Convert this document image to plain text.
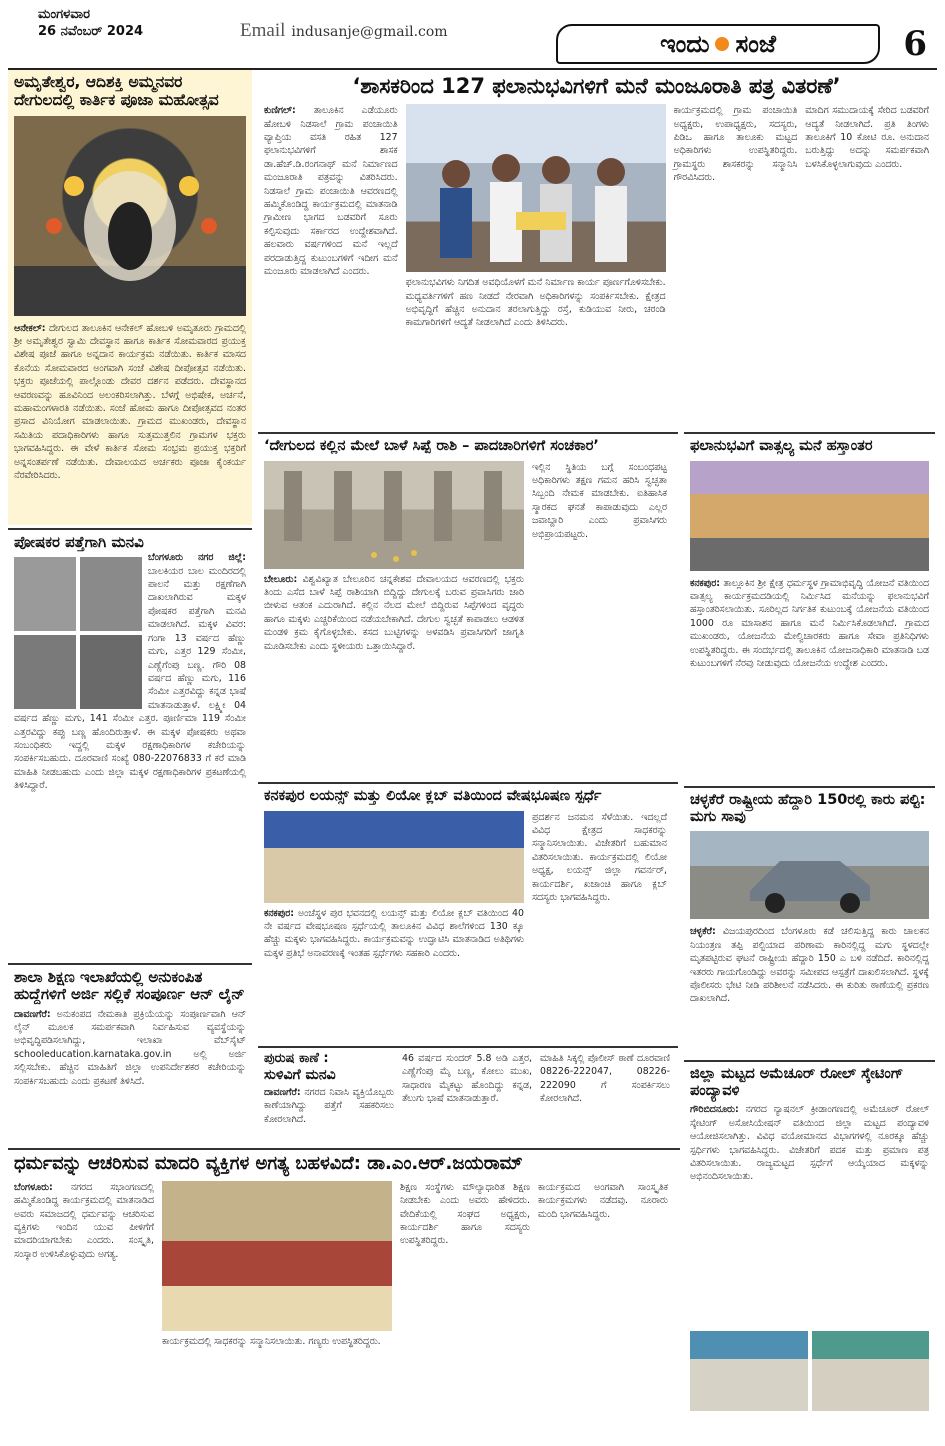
ಮಂಗಳವಾರ
26 ನವೆಂಬರ್ 2024	Email indusanje@gmail.com	ಇಂದು ಸಂಜೆ	6
ಅಮೃತೇಶ್ವರ, ಆದಿಶಕ್ತಿ ಅಮ್ಮನವರ ದೇಗುಲದಲ್ಲಿ ಕಾರ್ತಿಕ ಪೂಜಾ ಮಹೋತ್ಸವ
ಆನೇಕಲ್: ದೇಗುಲದ ತಾಲೂಕಿನ ಆನೇಕಲ್ ಹೋಬಳಿ ಅಮೃತೂರು ಗ್ರಾಮದಲ್ಲಿ ಶ್ರೀ ಅಮೃತೇಶ್ವರ ಸ್ವಾಮಿ ದೇವಸ್ಥಾನ ಹಾಗೂ ಕಾರ್ತಿಕ ಸೋಮವಾರದ ಪ್ರಯುಕ್ತ ವಿಶೇಷ ಪೂಜೆ ಹಾಗೂ ಅನ್ನದಾನ ಕಾರ್ಯಕ್ರಮ ನಡೆಯಿತು. ಕಾರ್ತಿಕ ಮಾಸದ ಕೊನೆಯ ಸೋಮವಾರದ ಅಂಗವಾಗಿ ಸಂಜೆ ವಿಶೇಷ ದೀಪೋತ್ಸವ ನಡೆಯಿತು. ಭಕ್ತರು ಪೂಜೆಯಲ್ಲಿ ಪಾಲ್ಗೊಂಡು ದೇವರ ದರ್ಶನ ಪಡೆದರು. ದೇವಸ್ಥಾನದ ಆವರಣವನ್ನು ಹೂವಿನಿಂದ ಅಲಂಕರಿಸಲಾಗಿತ್ತು. ಬೆಳಗ್ಗೆ ಅಭಿಷೇಕ, ಅರ್ಚನೆ, ಮಹಾಮಂಗಳಾರತಿ ನಡೆಯಿತು. ಸಂಜೆ ಹೋಮ ಹಾಗೂ ದೀಪೋತ್ಸವದ ನಂತರ ಪ್ರಸಾದ ವಿನಿಯೋಗ ಮಾಡಲಾಯಿತು. ಗ್ರಾಮದ ಮುಖಂಡರು, ದೇವಸ್ಥಾನ ಸಮಿತಿಯ ಪದಾಧಿಕಾರಿಗಳು ಹಾಗೂ ಸುತ್ತಮುತ್ತಲಿನ ಗ್ರಾಮಗಳ ಭಕ್ತರು ಭಾಗವಹಿಸಿದ್ದರು. ಈ ವೇಳೆ ಕಾರ್ತಿಕ ಸೋಮ ಸಂಭ್ರಮ ಪ್ರಯುಕ್ತ ಭಕ್ತರಿಗೆ ಅನ್ನಸಂತರ್ಪಣೆ ನಡೆಯಿತು. ದೇವಾಲಯದ ಅರ್ಚಕರು ಪೂಜಾ ಕೈಂಕರ್ಯ ನೆರವೇರಿಸಿದರು.
ಪೋಷಕರ ಪತ್ತೆಗಾಗಿ ಮನವಿ
ಬೆಂಗಳೂರು ನಗರ ಜಿಲ್ಲೆ: ಬಾಲಕಿಯರ ಬಾಲ ಮಂದಿರದಲ್ಲಿ ಪಾಲನೆ ಮತ್ತು ರಕ್ಷಣೆಗಾಗಿ ದಾಖಲಾಗಿರುವ ಮಕ್ಕಳ ಪೋಷಕರ ಪತ್ತೆಗಾಗಿ ಮನವಿ ಮಾಡಲಾಗಿದೆ. ಮಕ್ಕಳ ವಿವರ: ಗಂಗಾ 13 ವರ್ಷದ ಹೆಣ್ಣು ಮಗು, ಎತ್ತರ 129 ಸೆಂಮೀ, ಎಣ್ಣೆಗೆಂಪು ಬಣ್ಣ. ಗೌರಿ 08 ವರ್ಷದ ಹೆಣ್ಣು ಮಗು, 116 ಸೆಂಮೀ ಎತ್ತರವಿದ್ದು ಕನ್ನಡ ಭಾಷೆ ಮಾತನಾಡುತ್ತಾಳೆ. ಲಕ್ಷ್ಮೀ 04 ವರ್ಷದ ಹೆಣ್ಣು ಮಗು, 141 ಸೆಂಮೀ ಎತ್ತರ. ಪೂರ್ಣಿಮಾ 119 ಸೆಂಮೀ ಎತ್ತರವಿದ್ದು ಕಪ್ಪು ಬಣ್ಣ ಹೊಂದಿರುತ್ತಾಳೆ. ಈ ಮಕ್ಕಳ ಪೋಷಕರು ಅಥವಾ ಸಂಬಂಧಿಕರು ಇದ್ದಲ್ಲಿ ಮಕ್ಕಳ ರಕ್ಷಣಾಧಿಕಾರಿಗಳ ಕಚೇರಿಯನ್ನು ಸಂಪರ್ಕಿಸಬಹುದು. ದೂರವಾಣಿ ಸಂಖ್ಯೆ 080-22076833 ಗೆ ಕರೆ ಮಾಡಿ ಮಾಹಿತಿ ನೀಡಬಹುದು ಎಂದು ಜಿಲ್ಲಾ ಮಕ್ಕಳ ರಕ್ಷಣಾಧಿಕಾರಿಗಳ ಪ್ರಕಟಣೆಯಲ್ಲಿ ತಿಳಿಸಿದ್ದಾರೆ.
ಶಾಲಾ ಶಿಕ್ಷಣ ಇಲಾಖೆಯಲ್ಲಿ ಅನುಕಂಪಿತ ಹುದ್ದೆಗಳಿಗೆ ಅರ್ಜಿ ಸಲ್ಲಿಕೆ ಸಂಪೂರ್ಣ ಆನ್ ಲೈನ್
ದಾವಣಗೆರೆ: ಅನುಕಂಪದ ನೇಮಕಾತಿ ಪ್ರಕ್ರಿಯೆಯನ್ನು ಸಂಪೂರ್ಣವಾಗಿ ಆನ್ ಲೈನ್ ಮೂಲಕ ಸಮರ್ಪಕವಾಗಿ ನಿರ್ವಹಿಸುವ ವ್ಯವಸ್ಥೆಯನ್ನು ಅಭಿವೃದ್ಧಿಪಡಿಸಲಾಗಿದ್ದು, ಇಲಾಖಾ ವೆಬ್‌ಸೈಟ್ schooleducation.karnataka.gov.in ಅಲ್ಲಿ ಅರ್ಜಿ ಸಲ್ಲಿಸಬೇಕು. ಹೆಚ್ಚಿನ ಮಾಹಿತಿಗೆ ಜಿಲ್ಲಾ ಉಪನಿರ್ದೇಶಕರ ಕಚೇರಿಯನ್ನು ಸಂಪರ್ಕಿಸಬಹುದು ಎಂದು ಪ್ರಕಟಣೆ ತಿಳಿಸಿದೆ.
‘ಶಾಸಕರಿಂದ 127 ಫಲಾನುಭವಿಗಳಿಗೆ ಮನೆ ಮಂಜೂರಾತಿ ಪತ್ರ ವಿತರಣೆ’
ಕುಣಿಗಲ್: ತಾಲೂಕಿನ ಎಡೆಯೂರು ಹೋಬಳಿ ನಿಡಸಾಲೆ ಗ್ರಾಮ ಪಂಚಾಯಿತಿ ವ್ಯಾಪ್ತಿಯ ವಸತಿ ರಹಿತ 127 ಫಲಾನುಭವಿಗಳಿಗೆ ಶಾಸಕ ಡಾ.ಹೆಚ್.ಡಿ.ರಂಗನಾಥ್ ಮನೆ ನಿರ್ಮಾಣದ ಮಂಜೂರಾತಿ ಪತ್ರವನ್ನು ವಿತರಿಸಿದರು. ನಿಡಸಾಲೆ ಗ್ರಾಮ ಪಂಚಾಯಿತಿ ಆವರಣದಲ್ಲಿ ಹಮ್ಮಿಕೊಂಡಿದ್ದ ಕಾರ್ಯಕ್ರಮದಲ್ಲಿ ಮಾತನಾಡಿ ಗ್ರಾಮೀಣ ಭಾಗದ ಬಡವರಿಗೆ ಸೂರು ಕಲ್ಪಿಸುವುದು ಸರ್ಕಾರದ ಉದ್ದೇಶವಾಗಿದೆ. ಹಲವಾರು ವರ್ಷಗಳಿಂದ ಮನೆ ಇಲ್ಲದೆ ಪರದಾಡುತ್ತಿದ್ದ ಕುಟುಂಬಗಳಿಗೆ ಇದೀಗ ಮನೆ ಮಂಜೂರು ಮಾಡಲಾಗಿದೆ ಎಂದರು.
ಫಲಾನುಭವಿಗಳು ನಿಗದಿತ ಅವಧಿಯೊಳಗೆ ಮನೆ ನಿರ್ಮಾಣ ಕಾರ್ಯ ಪೂರ್ಣಗೊಳಿಸಬೇಕು. ಮಧ್ಯವರ್ತಿಗಳಿಗೆ ಹಣ ನೀಡದೆ ನೇರವಾಗಿ ಅಧಿಕಾರಿಗಳನ್ನು ಸಂಪರ್ಕಿಸಬೇಕು. ಕ್ಷೇತ್ರದ ಅಭಿವೃದ್ಧಿಗೆ ಹೆಚ್ಚಿನ ಅನುದಾನ ತರಲಾಗುತ್ತಿದ್ದು ರಸ್ತೆ, ಕುಡಿಯುವ ನೀರು, ಚರಂಡಿ ಕಾಮಗಾರಿಗಳಿಗೆ ಆದ್ಯತೆ ನೀಡಲಾಗಿದೆ ಎಂದು ತಿಳಿಸಿದರು.
ಕಾರ್ಯಕ್ರಮದಲ್ಲಿ ಗ್ರಾಮ ಪಂಚಾಯಿತಿ ಅಧ್ಯಕ್ಷರು, ಉಪಾಧ್ಯಕ್ಷರು, ಸದಸ್ಯರು, ಪಿಡಿಒ ಹಾಗೂ ತಾಲೂಕು ಮಟ್ಟದ ಅಧಿಕಾರಿಗಳು ಉಪಸ್ಥಿತರಿದ್ದರು. ಗ್ರಾಮಸ್ಥರು ಶಾಸಕರನ್ನು ಸನ್ಮಾನಿಸಿ ಗೌರವಿಸಿದರು.
ಮಾದಿಗ ಸಮುದಾಯಕ್ಕೆ ಸೇರಿದ ಬಡವರಿಗೆ ಆದ್ಯತೆ ನೀಡಲಾಗಿದೆ. ಪ್ರತಿ ತಿಂಗಳು ತಾಲೂಕಿಗೆ 10 ಕೋಟಿ ರೂ. ಅನುದಾನ ಬರುತ್ತಿದ್ದು ಅದನ್ನು ಸಮರ್ಪಕವಾಗಿ ಬಳಸಿಕೊಳ್ಳಲಾಗುವುದು ಎಂದರು.
‘ದೇಗುಲದ ಕಲ್ಲಿನ ಮೇಲೆ ಬಾಳೆ ಸಿಪ್ಪೆ ರಾಶಿ – ಪಾದಚಾರಿಗಳಿಗೆ ಸಂಚಕಾರ’
ಬೇಲೂರು: ವಿಶ್ವವಿಖ್ಯಾತ ಬೇಲೂರಿನ ಚನ್ನಕೇಶವ ದೇವಾಲಯದ ಆವರಣದಲ್ಲಿ ಭಕ್ತರು ತಿಂದು ಎಸೆದ ಬಾಳೆ ಸಿಪ್ಪೆ ರಾಶಿಯಾಗಿ ಬಿದ್ದಿದ್ದು ದೇಗುಲಕ್ಕೆ ಬರುವ ಪ್ರವಾಸಿಗರು ಜಾರಿ ಬೀಳುವ ಆತಂಕ ಎದುರಾಗಿದೆ. ಕಲ್ಲಿನ ನೆಲದ ಮೇಲೆ ಬಿದ್ದಿರುವ ಸಿಪ್ಪೆಗಳಿಂದ ವೃದ್ಧರು ಹಾಗೂ ಮಕ್ಕಳು ಎಚ್ಚರಿಕೆಯಿಂದ ನಡೆಯಬೇಕಾಗಿದೆ. ದೇಗುಲ ಸ್ವಚ್ಛತೆ ಕಾಪಾಡಲು ಆಡಳಿತ ಮಂಡಳಿ ಕ್ರಮ ಕೈಗೊಳ್ಳಬೇಕು. ಕಸದ ಬುಟ್ಟಿಗಳನ್ನು ಅಳವಡಿಸಿ ಪ್ರವಾಸಿಗರಿಗೆ ಜಾಗೃತಿ ಮೂಡಿಸಬೇಕು ಎಂದು ಸ್ಥಳೀಯರು ಒತ್ತಾಯಿಸಿದ್ದಾರೆ.
ಇಲ್ಲಿನ ಸ್ಥಿತಿಯ ಬಗ್ಗೆ ಸಂಬಂಧಪಟ್ಟ ಅಧಿಕಾರಿಗಳು ತಕ್ಷಣ ಗಮನ ಹರಿಸಿ ಸ್ವಚ್ಛತಾ ಸಿಬ್ಬಂದಿ ನೇಮಕ ಮಾಡಬೇಕು. ಐತಿಹಾಸಿಕ ಸ್ಮಾರಕದ ಘನತೆ ಕಾಪಾಡುವುದು ಎಲ್ಲರ ಜವಾಬ್ದಾರಿ ಎಂದು ಪ್ರವಾಸಿಗರು ಅಭಿಪ್ರಾಯಪಟ್ಟರು.
ಫಲಾನುಭವಿಗೆ ವಾತ್ಸಲ್ಯ ಮನೆ ಹಸ್ತಾಂತರ
ಕನಕಪುರ: ತಾಲ್ಲೂಕಿನ ಶ್ರೀ ಕ್ಷೇತ್ರ ಧರ್ಮಸ್ಥಳ ಗ್ರಾಮಾಭಿವೃದ್ಧಿ ಯೋಜನೆ ವತಿಯಿಂದ ವಾತ್ಸಲ್ಯ ಕಾರ್ಯಕ್ರಮದಡಿಯಲ್ಲಿ ನಿರ್ಮಿಸಿದ ಮನೆಯನ್ನು ಫಲಾನುಭವಿಗೆ ಹಸ್ತಾಂತರಿಸಲಾಯಿತು. ಸೂರಿಲ್ಲದ ನಿರ್ಗತಿಕ ಕುಟುಂಬಕ್ಕೆ ಯೋಜನೆಯ ವತಿಯಿಂದ 1000 ರೂ ಮಾಸಾಶನ ಹಾಗೂ ಮನೆ ನಿರ್ಮಿಸಿಕೊಡಲಾಗಿದೆ. ಗ್ರಾಮದ ಮುಖಂಡರು, ಯೋಜನೆಯ ಮೇಲ್ವಿಚಾರಕರು ಹಾಗೂ ಸೇವಾ ಪ್ರತಿನಿಧಿಗಳು ಉಪಸ್ಥಿತರಿದ್ದರು. ಈ ಸಂದರ್ಭದಲ್ಲಿ ತಾಲೂಕಿನ ಯೋಜನಾಧಿಕಾರಿ ಮಾತನಾಡಿ ಬಡ ಕುಟುಂಬಗಳಿಗೆ ನೆರವು ನೀಡುವುದು ಯೋಜನೆಯ ಉದ್ದೇಶ ಎಂದರು.
ಕನಕಪುರ ಲಯನ್ಸ್ ಮತ್ತು ಲಿಯೋ ಕ್ಲಬ್ ವತಿಯಿಂದ ವೇಷಭೂಷಣ ಸ್ಪರ್ಧೆ
ಕನಕಪುರ: ಅಂಚೆಸ್ಥಳ ಪುರ ಭವನದಲ್ಲಿ ಲಯನ್ಸ್ ಮತ್ತು ಲಿಯೋ ಕ್ಲಬ್ ವತಿಯಿಂದ 40 ನೇ ವರ್ಷದ ವೇಷಭೂಷಣ ಸ್ಪರ್ಧೆಯಲ್ಲಿ ತಾಲೂಕಿನ ವಿವಿಧ ಶಾಲೆಗಳಿಂದ 130 ಕ್ಕೂ ಹೆಚ್ಚು ಮಕ್ಕಳು ಭಾಗವಹಿಸಿದ್ದರು. ಕಾರ್ಯಕ್ರಮವನ್ನು ಉದ್ಘಾಟಿಸಿ ಮಾತನಾಡಿದ ಅತಿಥಿಗಳು ಮಕ್ಕಳ ಪ್ರತಿಭೆ ಅನಾವರಣಕ್ಕೆ ಇಂತಹ ಸ್ಪರ್ಧೆಗಳು ಸಹಕಾರಿ ಎಂದರು.
ಪ್ರದರ್ಶನ ಜನಮನ ಸೆಳೆಯಿತು. ಇದಲ್ಲದೆ ವಿವಿಧ ಕ್ಷೇತ್ರದ ಸಾಧಕರನ್ನು ಸನ್ಮಾನಿಸಲಾಯಿತು. ವಿಜೇತರಿಗೆ ಬಹುಮಾನ ವಿತರಿಸಲಾಯಿತು. ಕಾರ್ಯಕ್ರಮದಲ್ಲಿ ಲಿಯೋ ಅಧ್ಯಕ್ಷ, ಲಯನ್ಸ್ ಜಿಲ್ಲಾ ಗವರ್ನರ್, ಕಾರ್ಯದರ್ಶಿ, ಖಜಾಂಚಿ ಹಾಗೂ ಕ್ಲಬ್ ಸದಸ್ಯರು ಭಾಗವಹಿಸಿದ್ದರು.
ಚಳ್ಳಕೆರೆ ರಾಷ್ಟ್ರೀಯ ಹೆದ್ದಾರಿ 150ರಲ್ಲಿ ಕಾರು ಪಲ್ಟಿ: ಮಗು ಸಾವು
ಚಳ್ಳಕೆರೆ: ವಿಜಯಪುರದಿಂದ ಬೆಂಗಳೂರು ಕಡೆ ಚಲಿಸುತ್ತಿದ್ದ ಕಾರು ಚಾಲಕನ ನಿಯಂತ್ರಣ ತಪ್ಪಿ ಪಲ್ಟಿಯಾದ ಪರಿಣಾಮ ಕಾರಿನಲ್ಲಿದ್ದ ಮಗು ಸ್ಥಳದಲ್ಲೇ ಮೃತಪಟ್ಟಿರುವ ಘಟನೆ ರಾಷ್ಟ್ರೀಯ ಹೆದ್ದಾರಿ 150 ಎ ಬಳಿ ನಡೆದಿದೆ. ಕಾರಿನಲ್ಲಿದ್ದ ಇತರರು ಗಾಯಗೊಂಡಿದ್ದು ಅವರನ್ನು ಸಮೀಪದ ಆಸ್ಪತ್ರೆಗೆ ದಾಖಲಿಸಲಾಗಿದೆ. ಸ್ಥಳಕ್ಕೆ ಪೊಲೀಸರು ಭೇಟಿ ನೀಡಿ ಪರಿಶೀಲನೆ ನಡೆಸಿದರು. ಈ ಕುರಿತು ಠಾಣೆಯಲ್ಲಿ ಪ್ರಕರಣ ದಾಖಲಾಗಿದೆ.
ಪುರುಷ ಕಾಣೆ :
ಸುಳಿವಿಗೆ ಮನವಿ
ದಾವಣಗೆರೆ: ನಗರದ ನಿವಾಸಿ ವ್ಯಕ್ತಿಯೊಬ್ಬರು ಕಾಣೆಯಾಗಿದ್ದು ಪತ್ತೆಗೆ ಸಹಕರಿಸಲು ಕೋರಲಾಗಿದೆ.
46 ವರ್ಷದ ಸುಂದರ್ 5.8 ಅಡಿ ಎತ್ತರ, ಎಣ್ಣೆಗೆಂಪು ಮೈ ಬಣ್ಣ, ಕೋಲು ಮುಖ, ಸಾಧಾರಣ ಮೈಕಟ್ಟು ಹೊಂದಿದ್ದು ಕನ್ನಡ, ತೆಲುಗು ಭಾಷೆ ಮಾತನಾಡುತ್ತಾರೆ.
ಮಾಹಿತಿ ಸಿಕ್ಕಲ್ಲಿ ಪೊಲೀಸ್ ಠಾಣೆ ದೂರವಾಣಿ 08226-222047, 08226-222090 ಗೆ ಸಂಪರ್ಕಿಸಲು ಕೋರಲಾಗಿದೆ.
ಜಿಲ್ಲಾ ಮಟ್ಟದ ಅಮೆಚೂರ್ ರೋಲ್ ಸ್ಕೇಟಿಂಗ್ ಪಂದ್ಯಾವಳಿ
ಗೌರಿಬಿದನೂರು: ನಗರದ ನ್ಯಾಷನಲ್ ಕ್ರೀಡಾಂಗಣದಲ್ಲಿ ಅಮೆಚೂರ್ ರೋಲ್ ಸ್ಕೇಟಿಂಗ್ ಅಸೋಸಿಯೇಷನ್ ವತಿಯಿಂದ ಜಿಲ್ಲಾ ಮಟ್ಟದ ಪಂದ್ಯಾವಳಿ ಆಯೋಜಿಸಲಾಗಿತ್ತು. ವಿವಿಧ ವಯೋಮಾನದ ವಿಭಾಗಗಳಲ್ಲಿ ನೂರಕ್ಕೂ ಹೆಚ್ಚು ಸ್ಪರ್ಧಿಗಳು ಭಾಗವಹಿಸಿದ್ದರು. ವಿಜೇತರಿಗೆ ಪದಕ ಮತ್ತು ಪ್ರಮಾಣ ಪತ್ರ ವಿತರಿಸಲಾಯಿತು. ರಾಜ್ಯಮಟ್ಟದ ಸ್ಪರ್ಧೆಗೆ ಆಯ್ಕೆಯಾದ ಮಕ್ಕಳನ್ನು ಅಭಿನಂದಿಸಲಾಯಿತು.
ಧರ್ಮವನ್ನು ಆಚರಿಸುವ ಮಾದರಿ ವ್ಯಕ್ತಿಗಳ ಅಗತ್ಯ ಬಹಳವಿದೆ: ಡಾ.ಎಂ.ಆರ್.ಜಯರಾಮ್
ಬೆಂಗಳೂರು: ನಗರದ ಸಭಾಂಗಣದಲ್ಲಿ ಹಮ್ಮಿಕೊಂಡಿದ್ದ ಕಾರ್ಯಕ್ರಮದಲ್ಲಿ ಮಾತನಾಡಿದ ಅವರು ಸಮಾಜದಲ್ಲಿ ಧರ್ಮವನ್ನು ಆಚರಿಸುವ ವ್ಯಕ್ತಿಗಳು ಇಂದಿನ ಯುವ ಪೀಳಿಗೆಗೆ ಮಾದರಿಯಾಗಬೇಕು ಎಂದರು. ಸಂಸ್ಕೃತಿ, ಸಂಸ್ಕಾರ ಉಳಿಸಿಕೊಳ್ಳುವುದು ಅಗತ್ಯ.
ಕಾರ್ಯಕ್ರಮದಲ್ಲಿ ಸಾಧಕರನ್ನು ಸನ್ಮಾನಿಸಲಾಯಿತು. ಗಣ್ಯರು ಉಪಸ್ಥಿತರಿದ್ದರು.
ಶಿಕ್ಷಣ ಸಂಸ್ಥೆಗಳು ಮೌಲ್ಯಾಧಾರಿತ ಶಿಕ್ಷಣ ನೀಡಬೇಕು ಎಂದು ಅವರು ಹೇಳಿದರು. ವೇದಿಕೆಯಲ್ಲಿ ಸಂಘದ ಅಧ್ಯಕ್ಷರು, ಕಾರ್ಯದರ್ಶಿ ಹಾಗೂ ಸದಸ್ಯರು ಉಪಸ್ಥಿತರಿದ್ದರು.
ಕಾರ್ಯಕ್ರಮದ ಅಂಗವಾಗಿ ಸಾಂಸ್ಕೃತಿಕ ಕಾರ್ಯಕ್ರಮಗಳು ನಡೆದವು. ನೂರಾರು ಮಂದಿ ಭಾಗವಹಿಸಿದ್ದರು.
